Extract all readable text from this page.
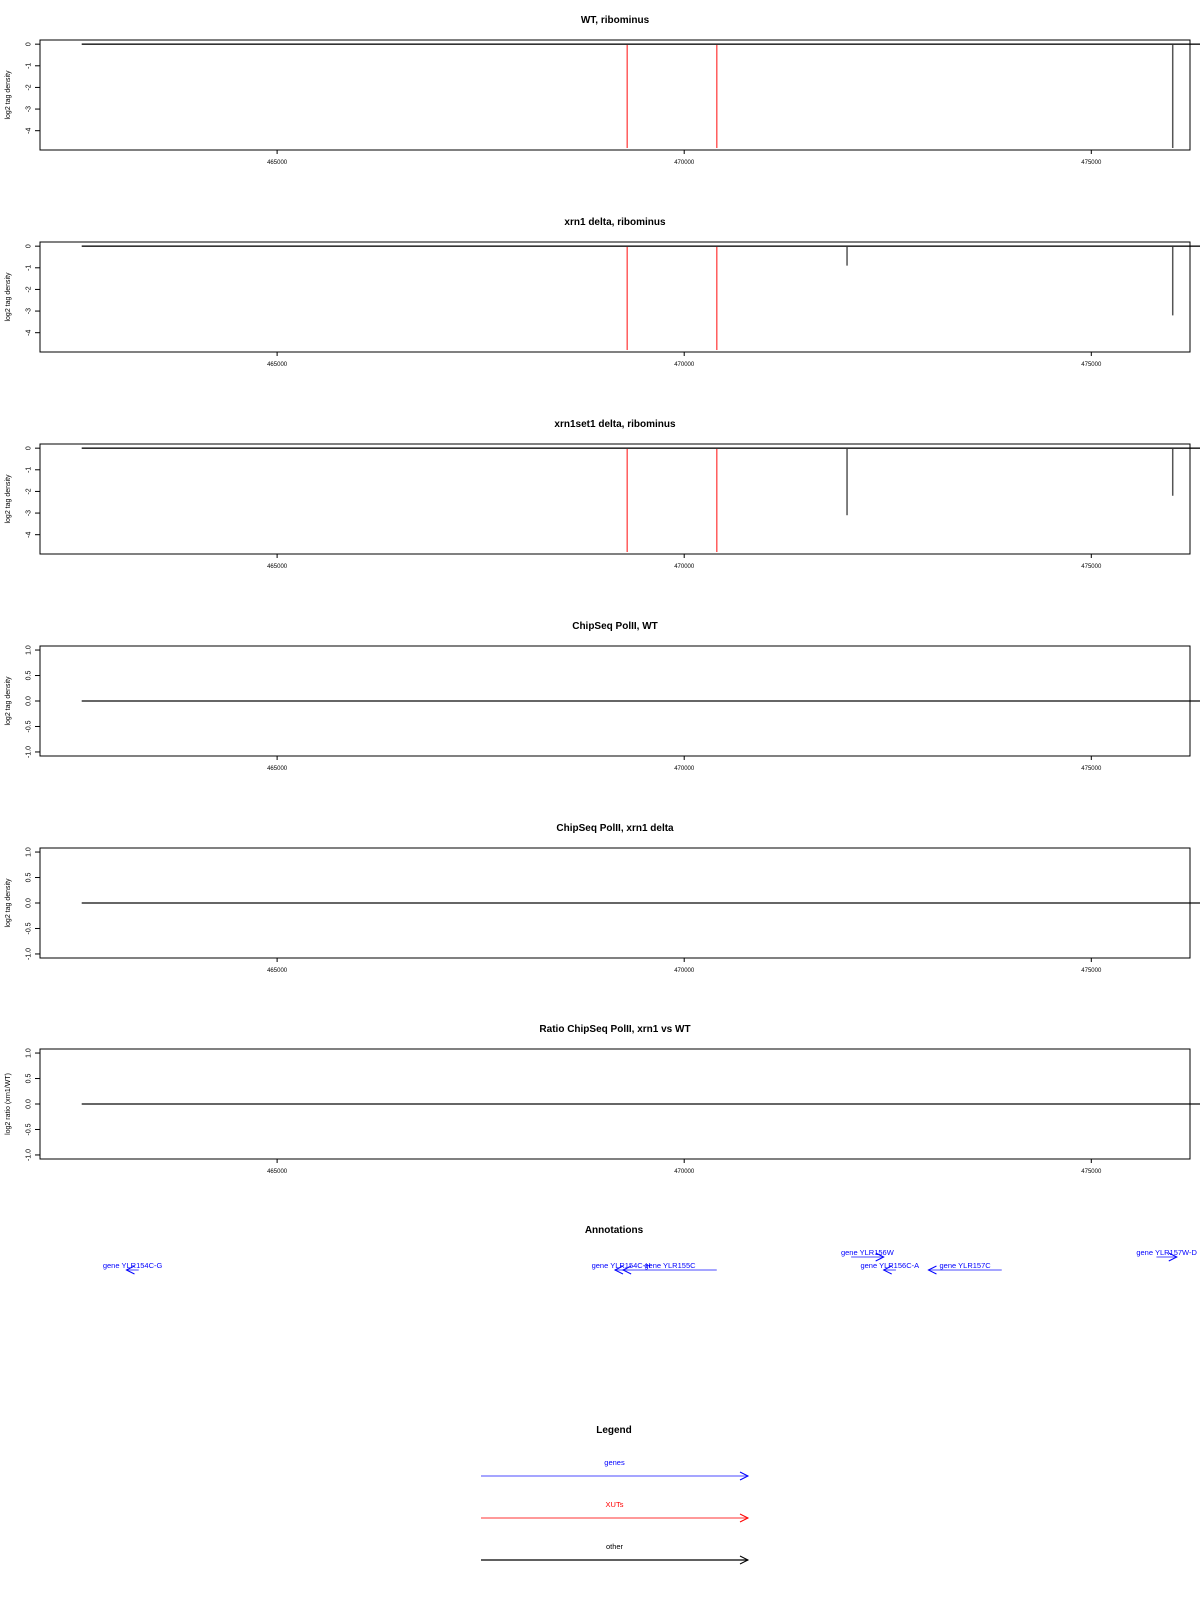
WT, ribominus
log2 tag density
0
-1
-2
-3
-4
465000	470000	475000
xrn1 delta, ribominus
log2 tag density
0
-1
-2
-3
-4
465000	470000	475000
xrn1set1 delta, ribominus
log2 tag density
0
-1
-2
-3
-4
465000	470000	475000
ChipSeq PolII, WT
log2 tag density
1.0
0.5
0.0
-0.5
-1.0
465000	470000	475000
ChipSeq PolII, xrn1 delta
log2 tag density
1.0
0.5
0.0
-0.5
-1.0
465000	470000	475000
Ratio ChipSeq PolII, xrn1 vs WT
log2 ratio (xrn1/WT)
1.0
0.5
0.0
-0.5
-1.0
465000	470000	475000
Annotations
gene YLR154C-G	gene YLR154C-H
gene YLR155C
gene YLR156W
gene YLR156C-A	gene YLR157C
gene YLR157W-D
Legend
genes
XUTs
other
